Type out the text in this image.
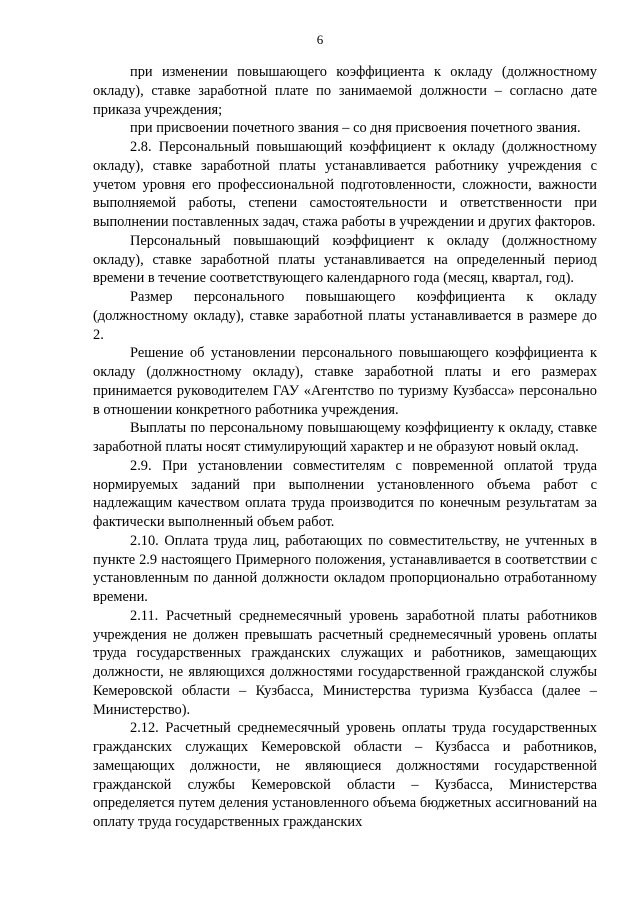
6

при изменении повышающего коэффициента к окладу (должностному окладу), ставке заработной плате по занимаемой должности – согласно дате приказа учреждения;

при присвоении почетного звания – со дня присвоения почетного звания.

2.8. Персональный повышающий коэффициент к окладу (должностному окладу), ставке заработной платы устанавливается работнику учреждения с учетом уровня его профессиональной подготовленности, сложности, важности выполняемой работы, степени самостоятельности и ответственности при выполнении поставленных задач, стажа работы в учреждении и других факторов.

Персональный повышающий коэффициент к окладу (должностному окладу), ставке заработной платы устанавливается на определенный период времени в течение соответствующего календарного года (месяц, квартал, год).

Размер персонального повышающего коэффициента к окладу (должностному окладу), ставке заработной платы устанавливается в размере до 2.

Решение об установлении персонального повышающего коэффициента к окладу (должностному окладу), ставке заработной платы и его размерах принимается руководителем ГАУ «Агентство по туризму Кузбасса» персонально в отношении конкретного работника учреждения.

Выплаты по персональному повышающему коэффициенту к окладу, ставке заработной платы носят стимулирующий характер и не образуют новый оклад.

2.9. При установлении совместителям с повременной оплатой труда нормируемых заданий при выполнении установленного объема работ с надлежащим качеством оплата труда производится по конечным результатам за фактически выполненный объем работ.

2.10. Оплата труда лиц, работающих по совместительству, не учтенных в пункте 2.9 настоящего Примерного положения, устанавливается в соответствии с установленным по данной должности окладом пропорционально отработанному времени.

2.11. Расчетный среднемесячный уровень заработной платы работников учреждения не должен превышать расчетный среднемесячный уровень оплаты труда государственных гражданских служащих и работников, замещающих должности, не являющихся должностями государственной гражданской службы Кемеровской области – Кузбасса, Министерства туризма Кузбасса (далее – Министерство).

2.12. Расчетный среднемесячный уровень оплаты труда государственных гражданских служащих Кемеровской области – Кузбасса и работников, замещающих должности, не являющиеся должностями государственной гражданской службы Кемеровской области – Кузбасса, Министерства определяется путем деления установленного объема бюджетных ассигнований на оплату труда государственных гражданских
